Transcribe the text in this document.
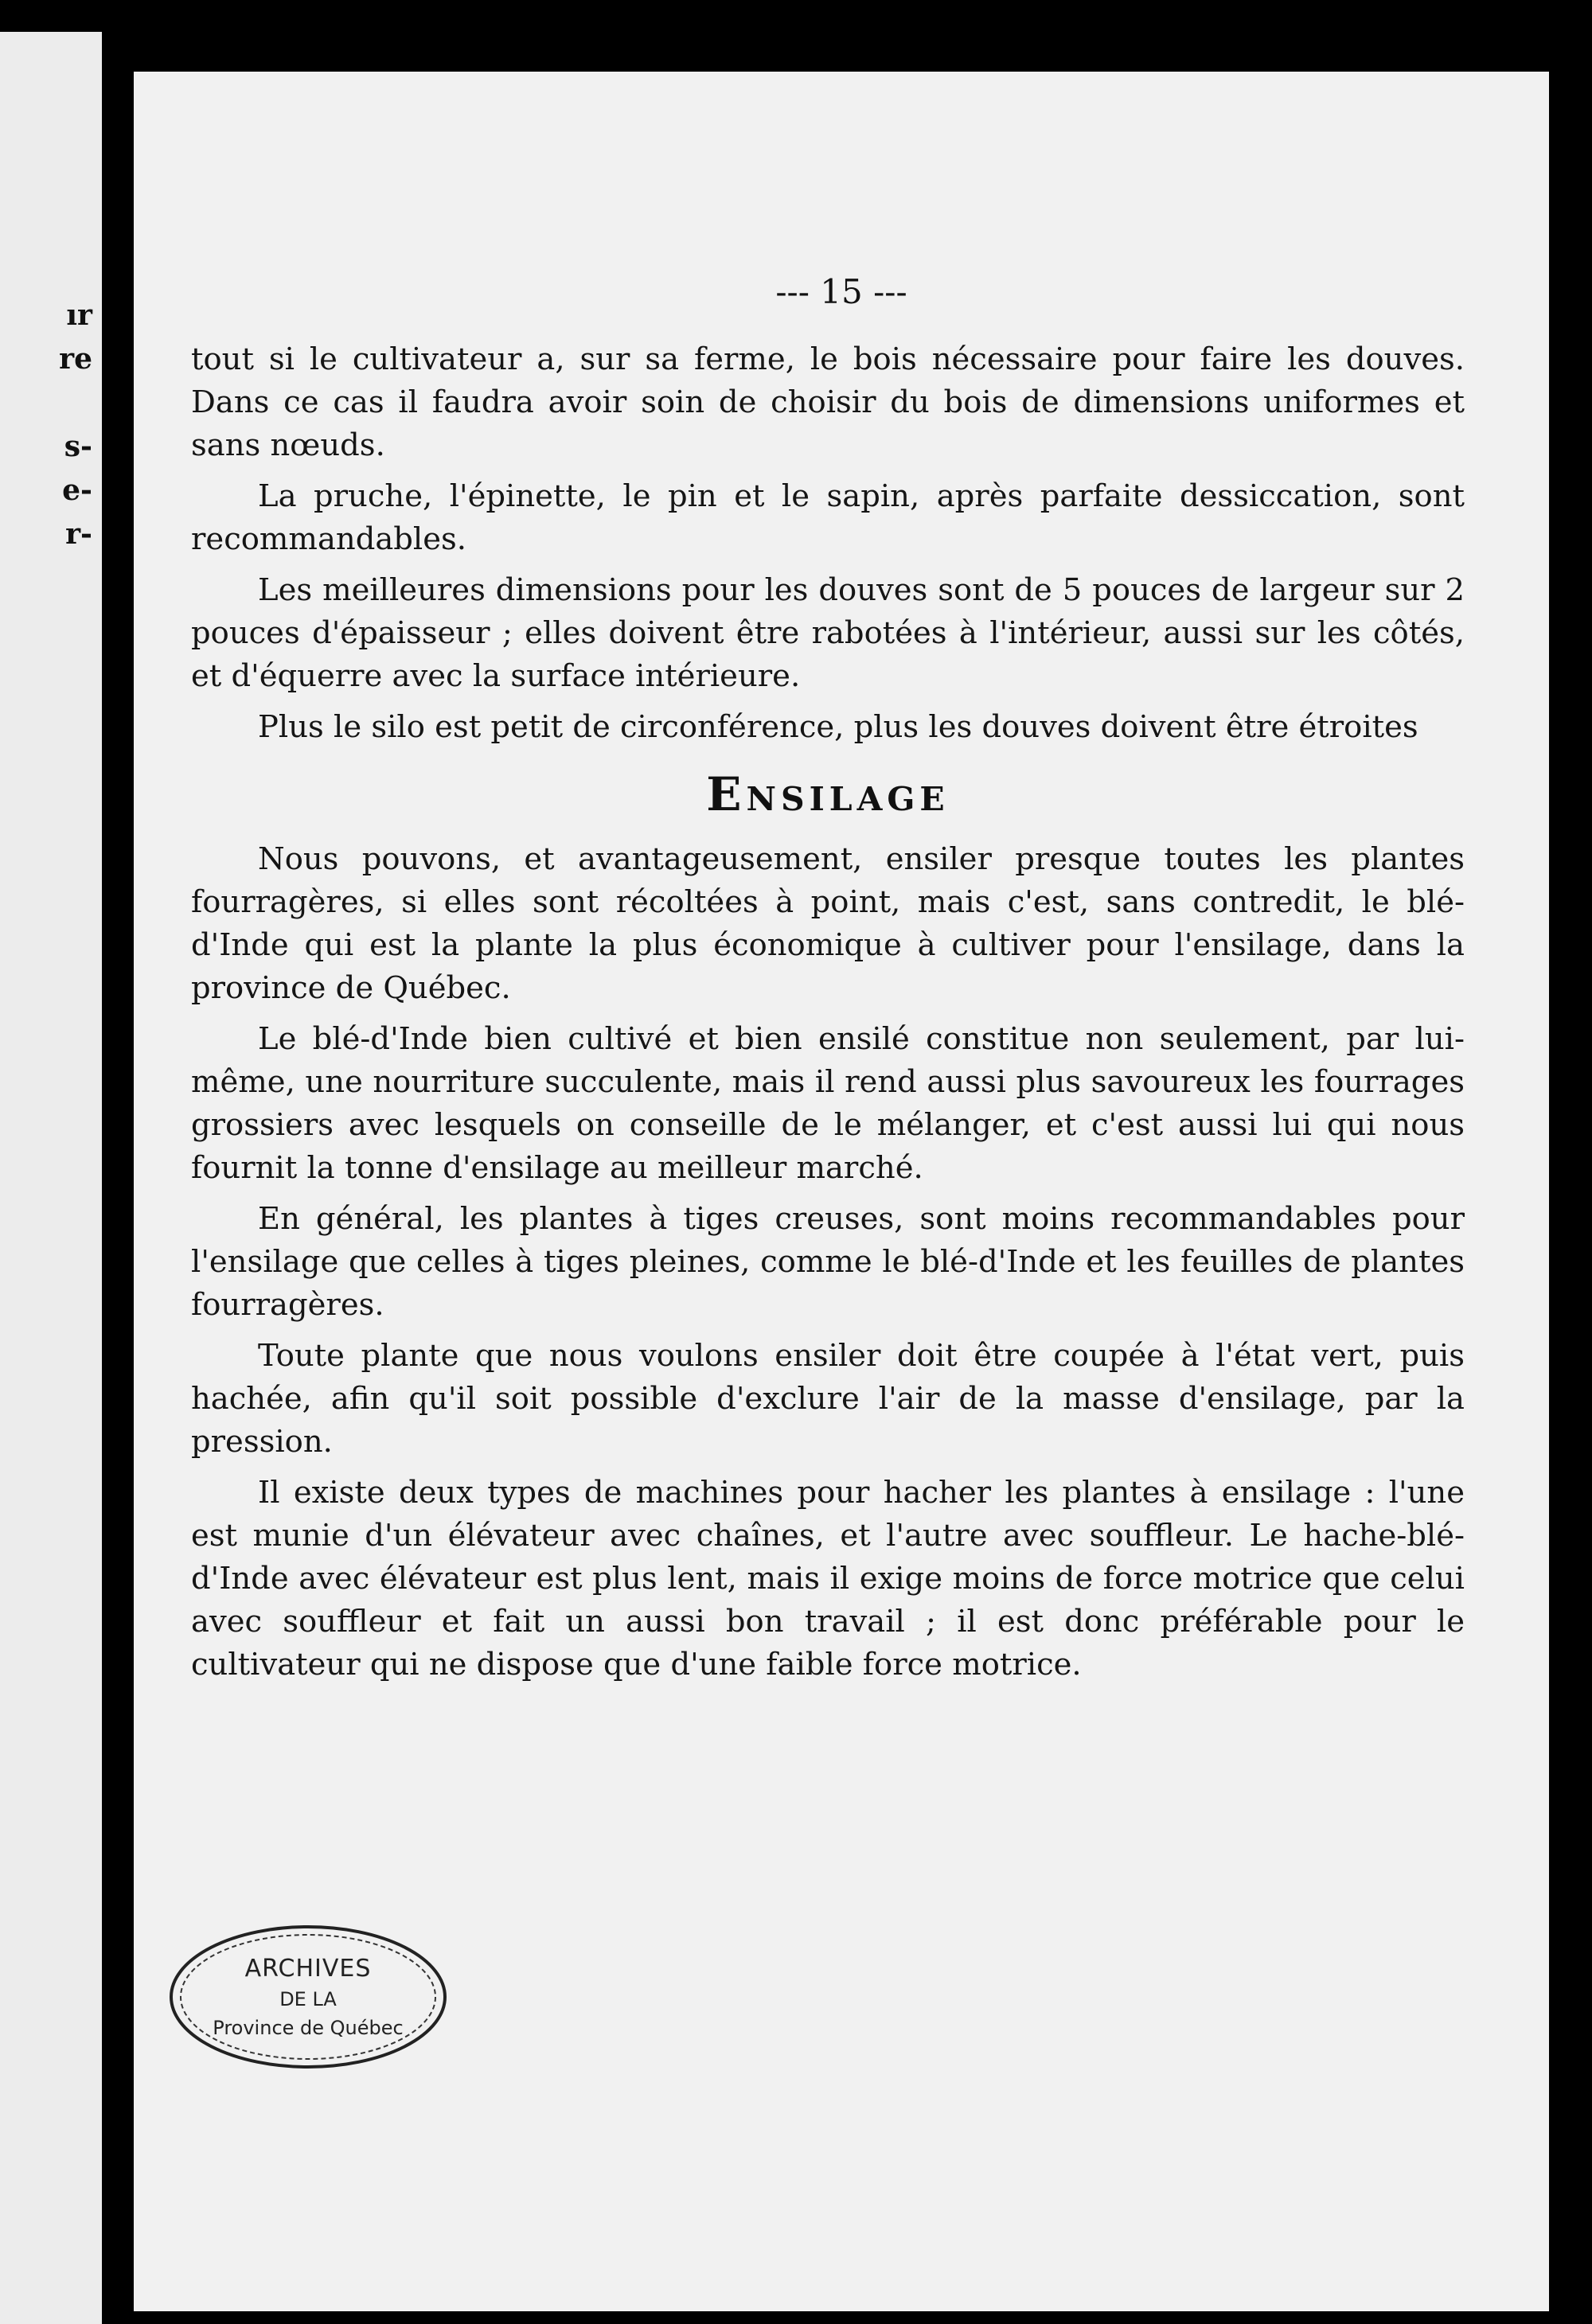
ır
re
s-
e-
r-
--- 15 ---

tout si le cultivateur a, sur sa ferme, le bois nécessaire pour faire les douves. Dans ce cas il faudra avoir soin de choisir du bois de dimensions uniformes et sans nœuds.

La pruche, l'épinette, le pin et le sapin, après parfaite dessiccation, sont recommandables.

Les meilleures dimensions pour les douves sont de 5 pouces de largeur sur 2 pouces d'épaisseur ; elles doivent être rabotées à l'intérieur, aussi sur les côtés, et d'équerre avec la surface intérieure.

Plus le silo est petit de circonférence, plus les douves doivent être étroites

Ensilage

Nous pouvons, et avantageusement, ensiler presque toutes les plantes fourragères, si elles sont récoltées à point, mais c'est, sans contredit, le blé-d'Inde qui est la plante la plus économique à cultiver pour l'ensilage, dans la province de Québec.

Le blé-d'Inde bien cultivé et bien ensilé constitue non seulement, par lui-même, une nourriture succulente, mais il rend aussi plus savoureux les fourrages grossiers avec lesquels on conseille de le mélanger, et c'est aussi lui qui nous fournit la tonne d'ensilage au meilleur marché.

En général, les plantes à tiges creuses, sont moins recommandables pour l'ensilage que celles à tiges pleines, comme le blé-d'Inde et les feuilles de plantes fourragères.

Toute plante que nous voulons ensiler doit être coupée à l'état vert, puis hachée, afin qu'il soit possible d'exclure l'air de la masse d'ensilage, par la pression.

Il existe deux types de machines pour hacher les plantes à ensilage : l'une est munie d'un élévateur avec chaînes, et l'autre avec souffleur. Le hache-blé-d'Inde avec élévateur est plus lent, mais il exige moins de force motrice que celui avec souffleur et fait un aussi bon travail ; il est donc préférable pour le cultivateur qui ne dispose que d'une faible force motrice.

ARCHIVES
DE LA
Province de Québec
